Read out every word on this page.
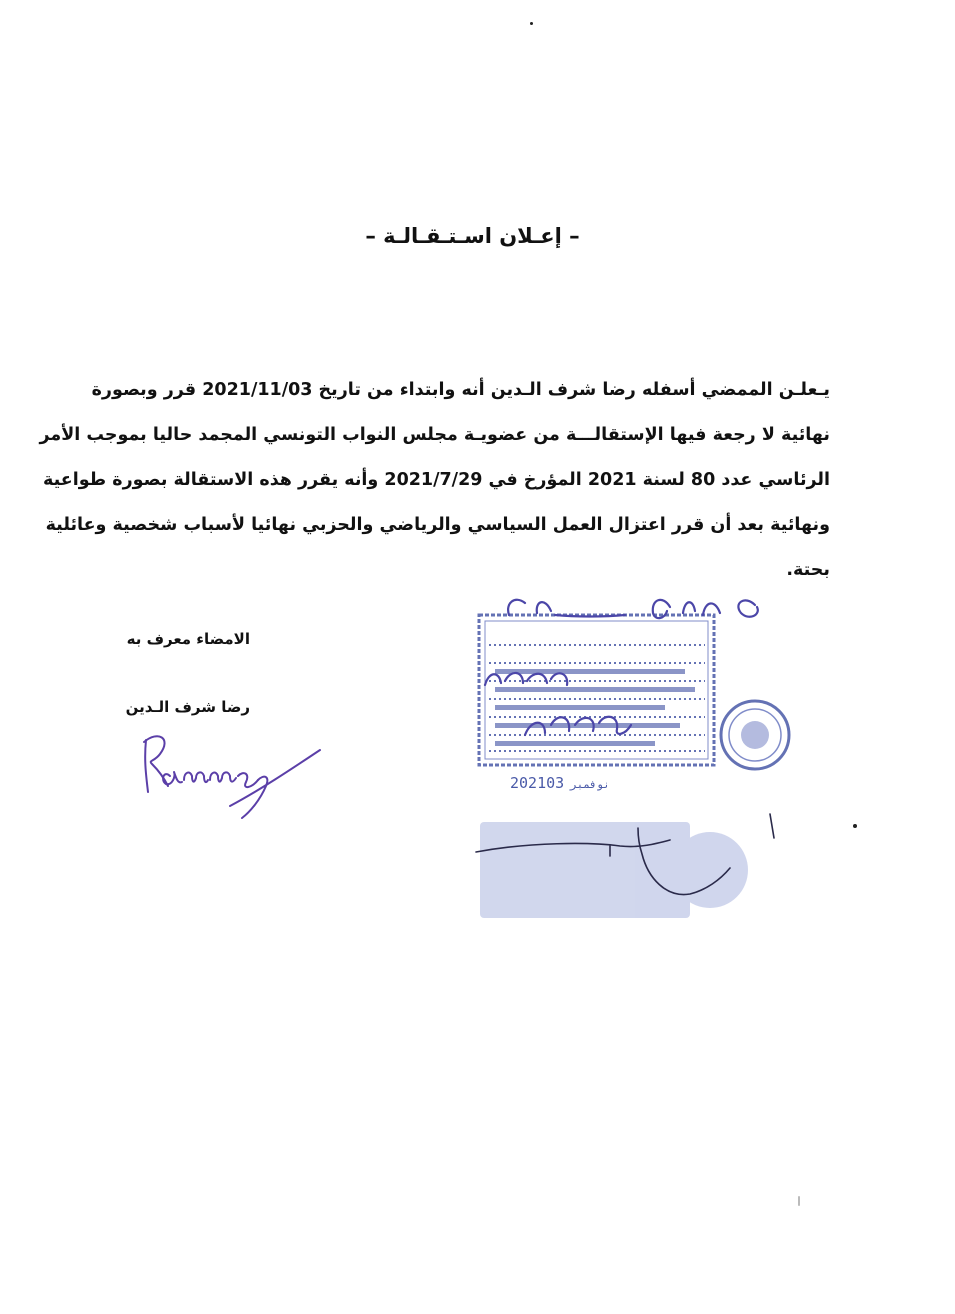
– إعـلان اسـتـقـالـة –
يـعلـن الممضي أسفله رضا شرف الـدين أنه وابتداء من تاريخ 2021/11/03 قرر وبصورة
نهائية لا رجعة فيها الإستقالـــة من عضويـة مجلس النواب التونسي المجمد حاليا بموجب الأمر
الرئاسي عدد 80 لسنة 2021 المؤرخ في 2021/7/29 وأنه يقرر هذه الاستقالة بصورة طواعية
ونهائية بعد أن قرر اعتزال العمل السياسي والرياضي والحزبي نهائيا لأسباب شخصية وعائلية
بحتة.
الامضاء معرف به
رضا شرف الـدين
2021 نوفمبر03
